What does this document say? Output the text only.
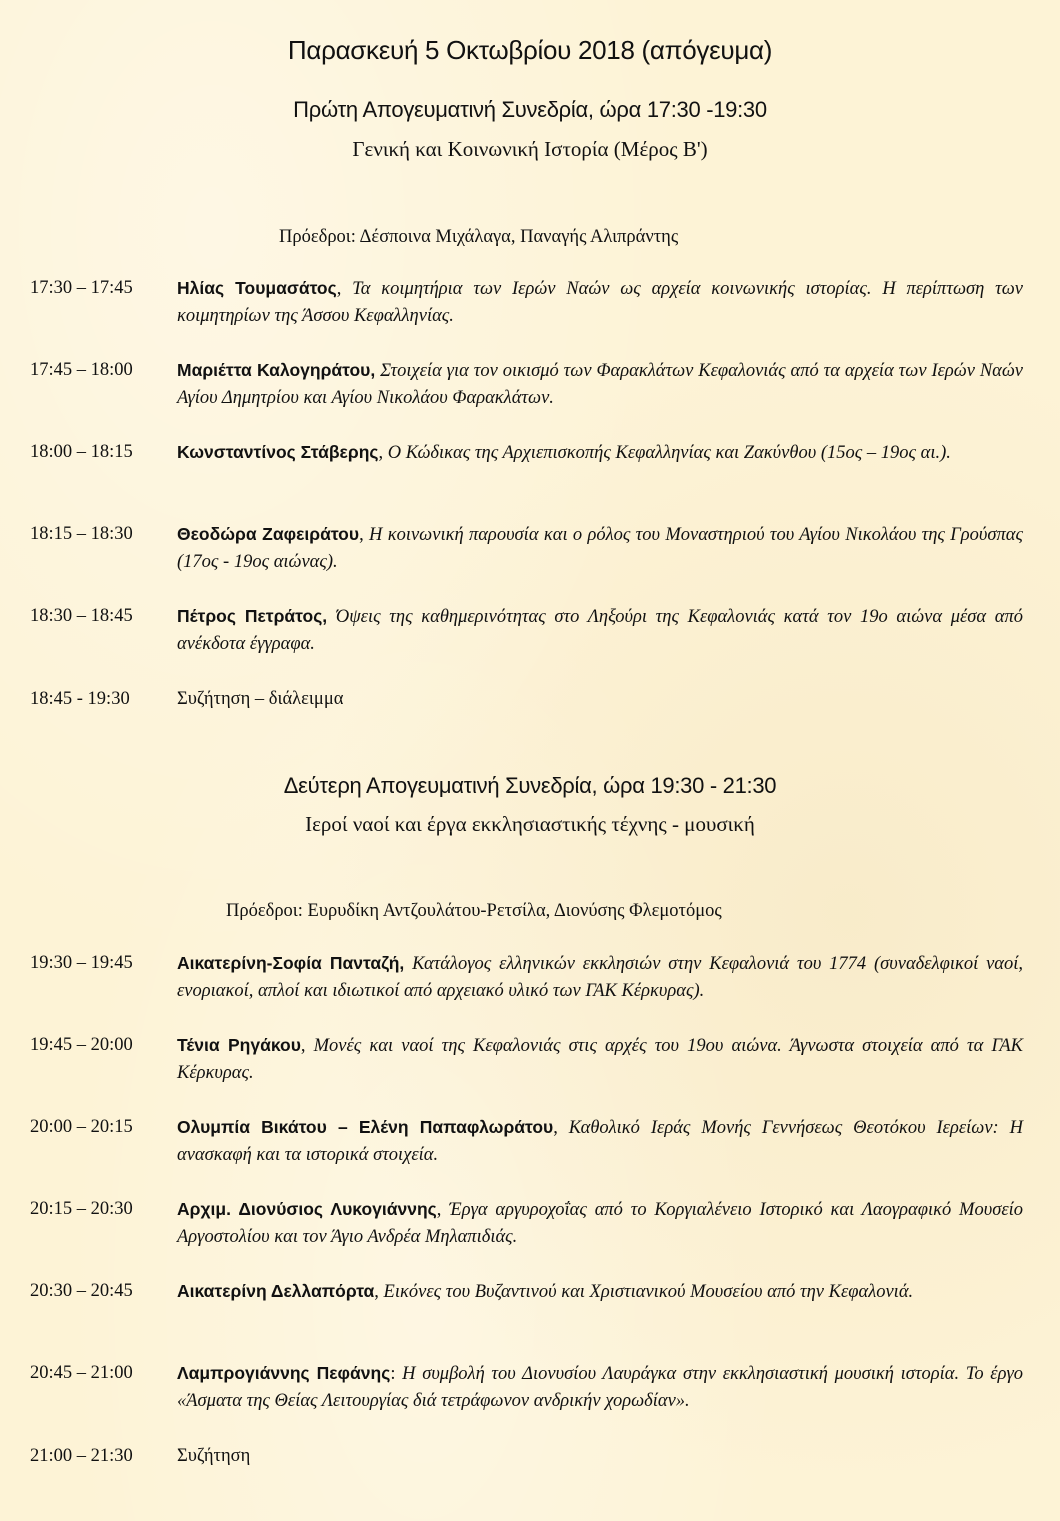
Παρασκευή 5 Οκτωβρίου 2018 (απόγευμα)
Πρώτη Απογευματινή Συνεδρία, ώρα 17:30 -19:30
Γενική και Κοινωνική Ιστορία (Μέρος Β')
Πρόεδροι: Δέσποινα Μιχάλαγα, Παναγής Αλιπράντης
17:30 – 17:45	Ηλίας Τουμασάτος, Τα κοιμητήρια των Ιερών Ναών ως αρχεία κοινωνικής ιστορίας. Η περίπτωση των κοιμητηρίων της Άσσου Κεφαλληνίας.
17:45 – 18:00	Μαριέττα Καλογηράτου, Στοιχεία για τον οικισμό των Φαρακλάτων Κεφαλονιάς από τα αρχεία των Ιερών Ναών Αγίου Δημητρίου και Αγίου Νικολάου Φαρακλάτων.
18:00 – 18:15	Κωνσταντίνος Στάβερης, Ο Κώδικας της Αρχιεπισκοπής Κεφαλληνίας και Ζακύνθου (15ος – 19ος αι.).
18:15 – 18:30	Θεοδώρα Ζαφειράτου, Η κοινωνική παρουσία και ο ρόλος του Μοναστηριού του Αγίου Νικολάου της Γρούσπας (17ος - 19ος αιώνας).
18:30 – 18:45	Πέτρος Πετράτος, Όψεις της καθημερινότητας στο Ληξούρι της Κεφαλονιάς κατά τον 19ο αιώνα μέσα από ανέκδοτα έγγραφα.
18:45 - 19:30	Συζήτηση – διάλειμμα
Δεύτερη Απογευματινή Συνεδρία, ώρα 19:30 - 21:30
Ιεροί ναοί και έργα εκκλησιαστικής τέχνης - μουσική
Πρόεδροι: Ευρυδίκη Αντζουλάτου-Ρετσίλα, Διονύσης Φλεμοτόμος
19:30 – 19:45	Αικατερίνη-Σοφία Πανταζή, Κατάλογος ελληνικών εκκλησιών στην Κεφαλονιά του 1774 (συναδελφικοί ναοί, ενοριακοί, απλοί και ιδιωτικοί από αρχειακό υλικό των ΓΑΚ Κέρκυρας).
19:45 – 20:00	Τένια Ρηγάκου, Μονές και ναοί της Κεφαλονιάς στις αρχές του 19ου αιώνα. Άγνωστα στοιχεία από τα ΓΑΚ Κέρκυρας.
20:00 – 20:15	Ολυμπία Βικάτου – Ελένη Παπαφλωράτου, Καθολικό Ιεράς Μονής Γεννήσεως Θεοτόκου Ιερείων: Η ανασκαφή και τα ιστορικά στοιχεία.
20:15 – 20:30	Αρχιμ. Διονύσιος Λυκογιάννης, Έργα αργυροχοΐας από το Κοργιαλένειο Ιστορικό και Λαογραφικό Μουσείο Αργοστολίου και τον Άγιο Ανδρέα Μηλαπιδιάς.
20:30 – 20:45	Αικατερίνη Δελλαπόρτα, Εικόνες του Βυζαντινού και Χριστιανικού Μουσείου από την Κεφαλονιά.
20:45 – 21:00	Λαμπρογιάννης Πεφάνης: Η συμβολή του Διονυσίου Λαυράγκα στην εκκλησιαστική μουσική ιστορία. Το έργο «Άσματα της Θείας Λειτουργίας διά τετράφωνον ανδρικήν χορωδίαν».
21:00 – 21:30 Συζήτηση
